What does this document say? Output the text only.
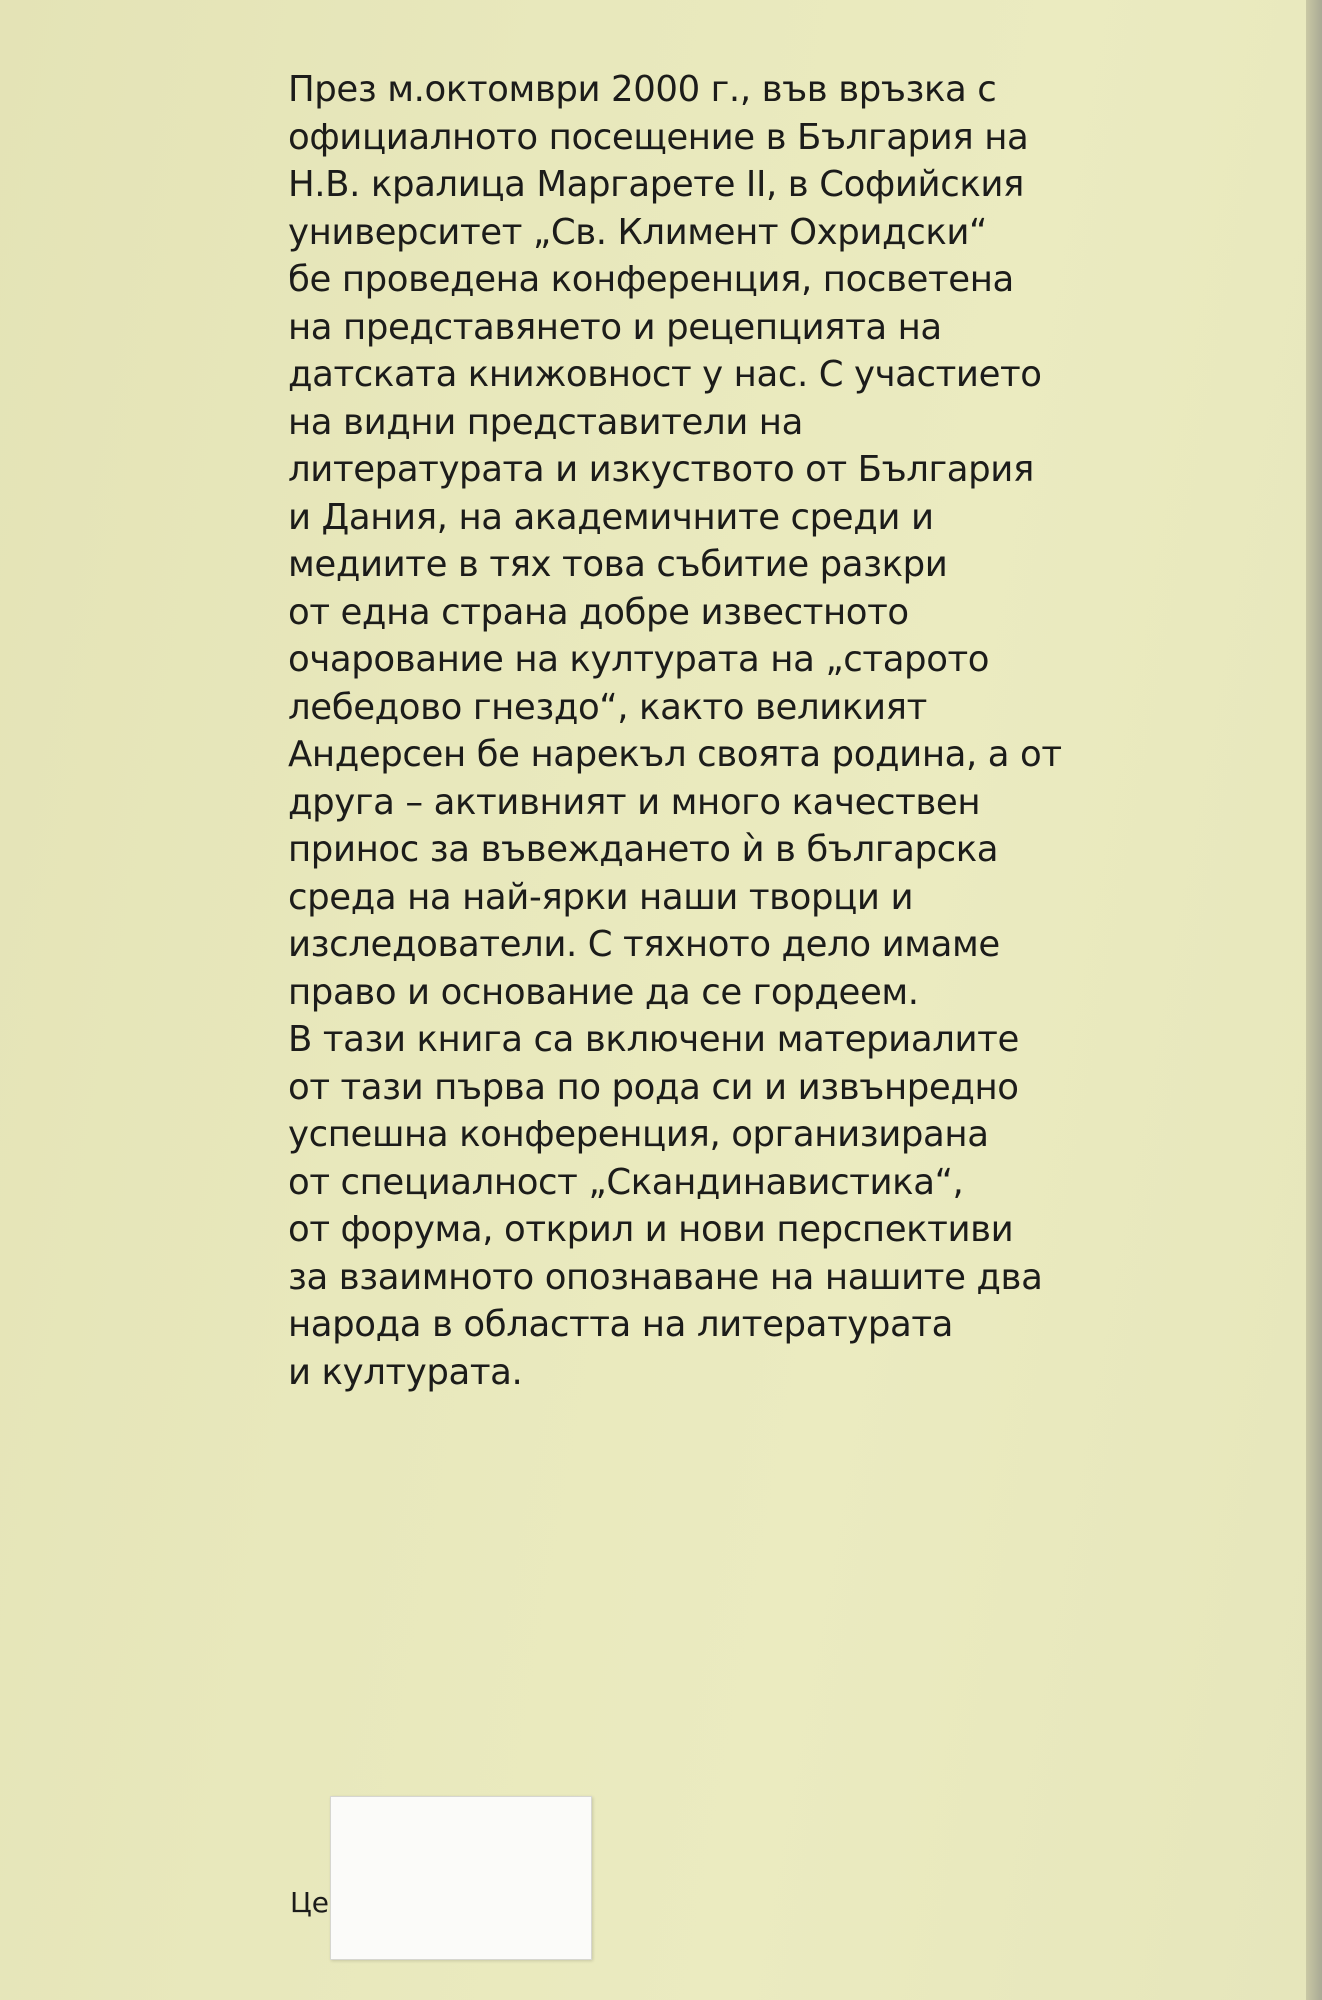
През м.октомври 2000 г., във връзка с
официалното посещение в България на
Н.В. кралица Маргарете II, в Софийския
университет „Св. Климент Охридски“
бе проведена конференция, посветена
на представянето и рецепцията на
датската книжовност у нас. С участието
на видни представители на
литературата и изкуството от България
и Дания, на академичните среди и
медиите в тях това събитие разкри
от една страна добре известното
очарование на културата на „старото
лебедово гнездо“, както великият
Андерсен бе нарекъл своята родина, а от
друга – активният и много качествен
принос за въвеждането ѝ в българска
среда на най-ярки наши творци и
изследователи. С тяхното дело имаме
право и основание да се гордеем.
В тази книга са включени материалите
от тази първа по рода си и извънредно
успешна конференция, организирана
от специалност „Скандинавистика“,
от форума, открил и нови перспективи
за взаимното опознаване на нашите два
народа в областта на литературата
и културата.

Це
